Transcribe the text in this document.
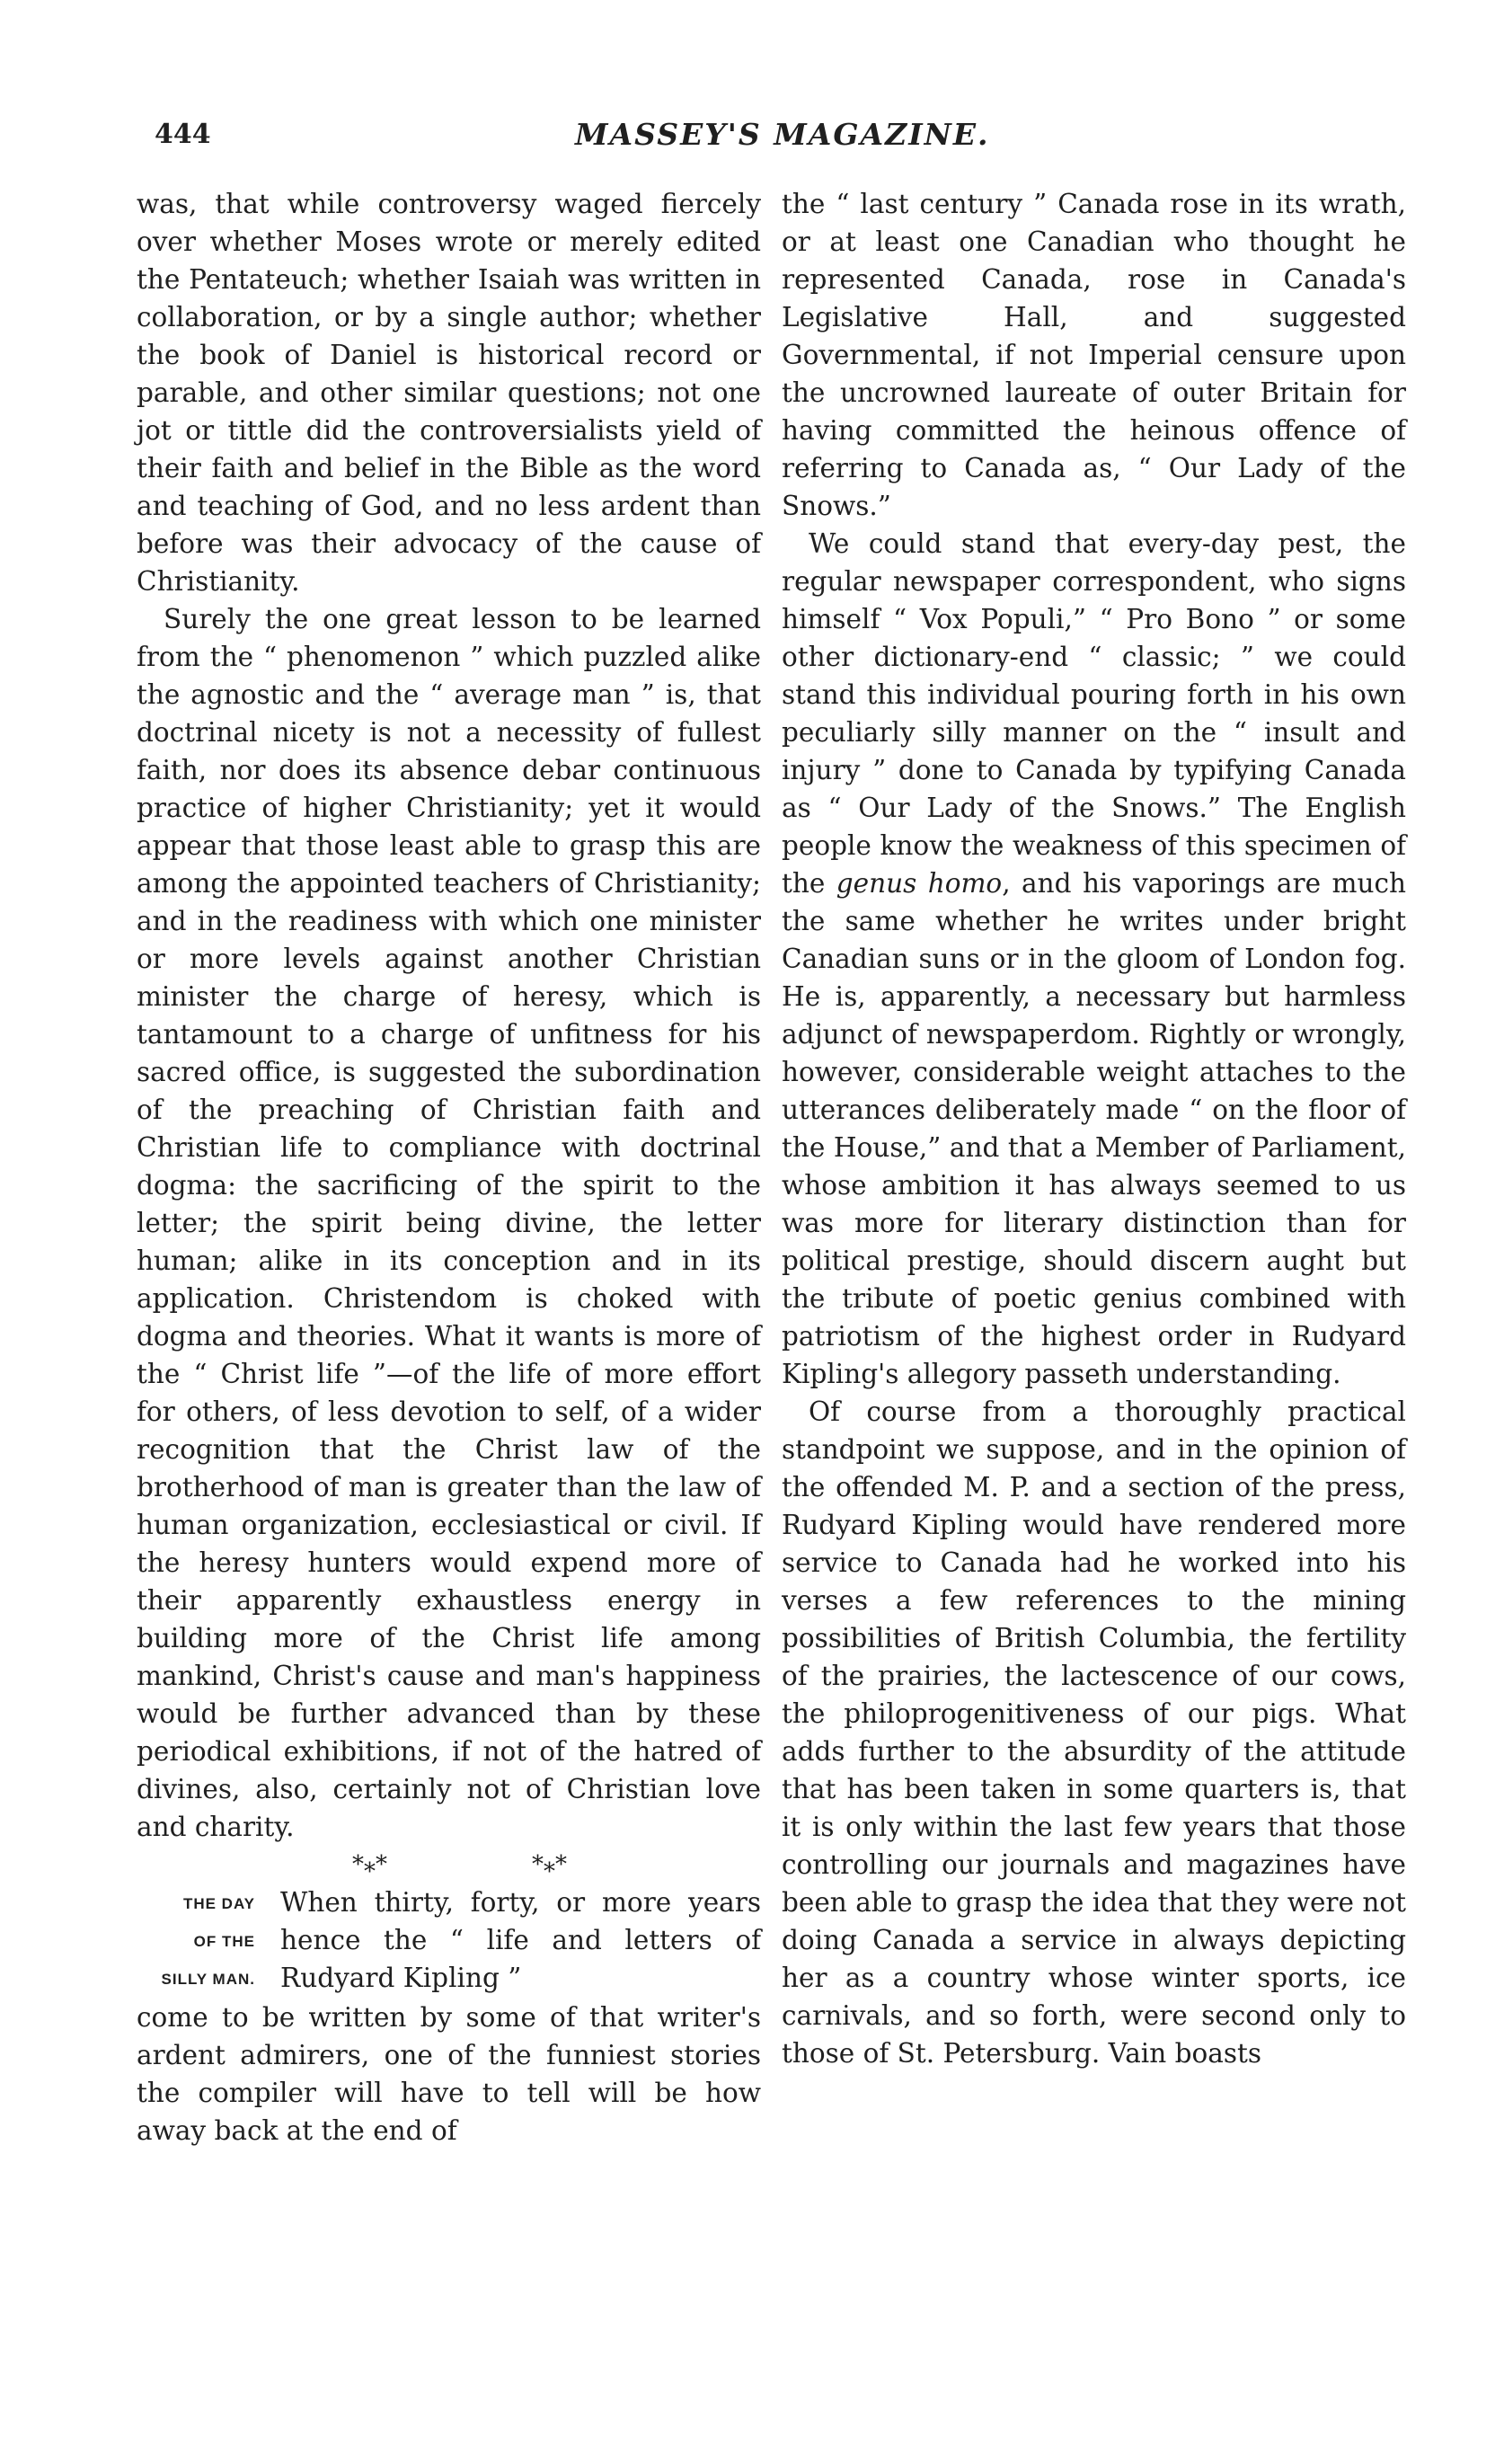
444	MASSEY'S MAGAZINE.

was, that while controversy waged fiercely over whether Moses wrote or merely edited the Pentateuch; whether Isaiah was written in collaboration, or by a single author; whether the book of Daniel is historical record or parable, and other similar questions; not one jot or tittle did the controversialists yield of their faith and belief in the Bible as the word and teaching of God, and no less ardent than before was their advocacy of the cause of Christianity.

Surely the one great lesson to be learned from the “ phenomenon ” which puzzled alike the agnostic and the “ average man ” is, that doctrinal nicety is not a necessity of fullest faith, nor does its absence debar continuous practice of higher Christianity; yet it would appear that those least able to grasp this are among the appointed teachers of Christianity; and in the readiness with which one minister or more levels against another Christian minister the charge of heresy, which is tantamount to a charge of unfitness for his sacred office, is suggested the subordination of the preaching of Christian faith and Christian life to compliance with doctrinal dogma: the sacrificing of the spirit to the letter; the spirit being divine, the letter human; alike in its conception and in its application. Christendom is choked with dogma and theories. What it wants is more of the “ Christ life ”—of the life of more effort for others, of less devotion to self, of a wider recognition that the Christ law of the brotherhood of man is greater than the law of human organization, ecclesiastical or civil. If the heresy hunters would expend more of their apparently exhaustless energy in building more of the Christ life among mankind, Christ's cause and man's happiness would be further advanced than by these periodical exhibitions, if not of the hatred of divines, also, certainly not of Christian love and charity.

*⁎*	*⁎*
THE DAY
OF THE
SILLY MAN.
When thirty, forty, or more years hence the “ life and letters of Rudyard Kipling ”

come to be written by some of that writer's ardent admirers, one of the funniest stories the compiler will have to tell will be how away back at the end of

the “ last century ” Canada rose in its wrath, or at least one Canadian who thought he represented Canada, rose in Canada's Legislative Hall, and suggested Governmental, if not Imperial censure upon the uncrowned laureate of outer Britain for having committed the heinous offence of referring to Canada as, “ Our Lady of the Snows.”

We could stand that every-day pest, the regular newspaper correspondent, who signs himself “ Vox Populi,” “ Pro Bono ” or some other dictionary-end “ classic; ” we could stand this individual pouring forth in his own peculiarly silly manner on the “ insult and injury ” done to Canada by typifying Canada as “ Our Lady of the Snows.” The English people know the weakness of this specimen of the genus homo, and his vaporings are much the same whether he writes under bright Canadian suns or in the gloom of London fog. He is, apparently, a necessary but harmless adjunct of newspaperdom. Rightly or wrongly, however, considerable weight attaches to the utterances deliberately made “ on the floor of the House,” and that a Member of Parliament, whose ambition it has always seemed to us was more for literary distinction than for political prestige, should discern aught but the tribute of poetic genius combined with patriotism of the highest order in Rudyard Kipling's allegory passeth understanding.

Of course from a thoroughly practical standpoint we suppose, and in the opinion of the offended M. P. and a section of the press, Rudyard Kipling would have rendered more service to Canada had he worked into his verses a few references to the mining possibilities of British Columbia, the fertility of the prairies, the lactescence of our cows, the philoprogenitiveness of our pigs. What adds further to the absurdity of the attitude that has been taken in some quarters is, that it is only within the last few years that those controlling our journals and magazines have been able to grasp the idea that they were not doing Canada a service in always depicting her as a country whose winter sports, ice carnivals, and so forth, were second only to those of St. Petersburg. Vain boasts
